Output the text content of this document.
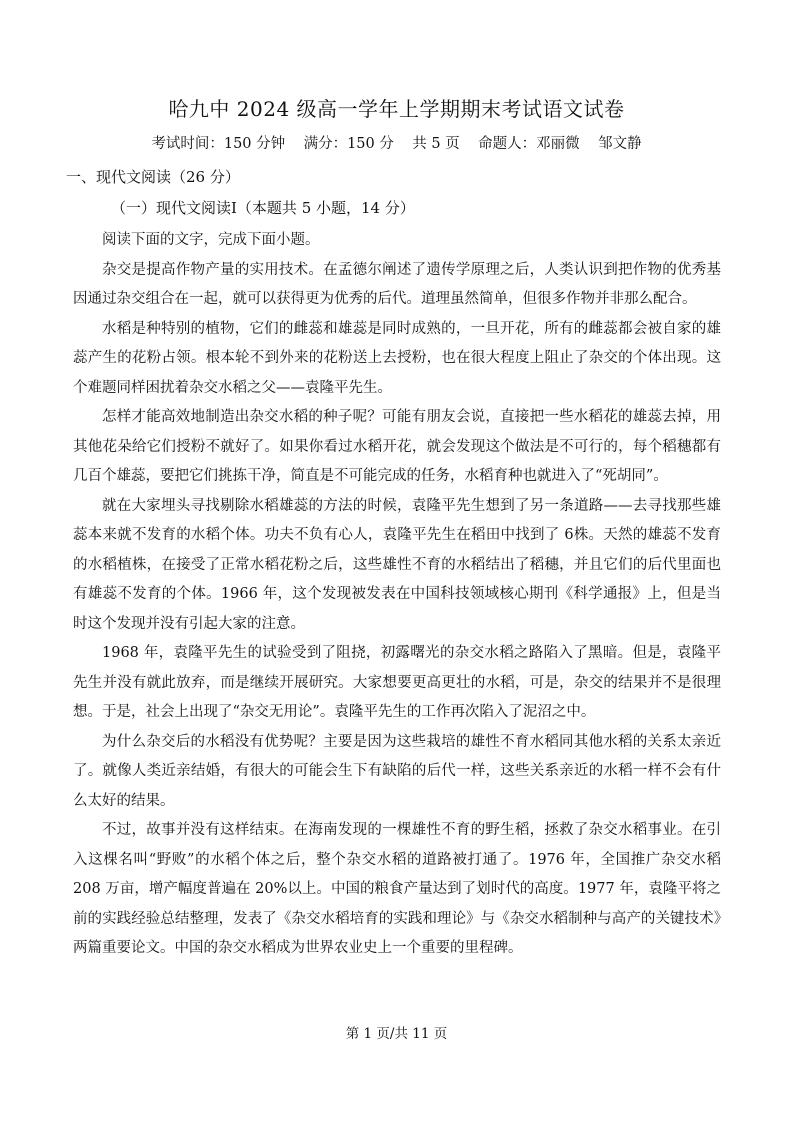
哈九中 2024 级高一学年上学期期末考试语文试卷
考试时间：150 分钟    满分：150 分    共 5 页    命题人：邓丽微    邹文静
一、现代文阅读（26 分）
（一）现代文阅读Ⅰ（本题共 5 小题，14 分）

阅读下面的文字，完成下面小题。

杂交是提高作物产量的实用技术。在孟德尔阐述了遗传学原理之后，人类认识到把作物的优秀基因通过杂交组合在一起，就可以获得更为优秀的后代。道理虽然简单，但很多作物并非那么配合。

水稻是种特别的植物，它们的雌蕊和雄蕊是同时成熟的，一旦开花，所有的雌蕊都会被自家的雄蕊产生的花粉占领。根本轮不到外来的花粉送上去授粉，也在很大程度上阻止了杂交的个体出现。这个难题同样困扰着杂交水稻之父——袁隆平先生。

怎样才能高效地制造出杂交水稻的种子呢？可能有朋友会说，直接把一些水稻花的雄蕊去掉，用其他花朵给它们授粉不就好了。如果你看过水稻开花，就会发现这个做法是不可行的，每个稻穗都有几百个雄蕊，要把它们挑拣干净，简直是不可能完成的任务，水稻育种也就进入了“死胡同”。

就在大家埋头寻找剔除水稻雄蕊的方法的时候，袁隆平先生想到了另一条道路——去寻找那些雄蕊本来就不发育的水稻个体。功夫不负有心人，袁隆平先生在稻田中找到了 6株。天然的雄蕊不发育的水稻植株，在接受了正常水稻花粉之后，这些雄性不育的水稻结出了稻穗，并且它们的后代里面也有雄蕊不发育的个体。1966 年，这个发现被发表在中国科技领域核心期刊《科学通报》上，但是当时这个发现并没有引起大家的注意。

1968 年，袁隆平先生的试验受到了阻挠，初露曙光的杂交水稻之路陷入了黑暗。但是，袁隆平先生并没有就此放弃，而是继续开展研究。大家想要更高更壮的水稻，可是，杂交的结果并不是很理想。于是，社会上出现了“杂交无用论”。袁隆平先生的工作再次陷入了泥沼之中。

为什么杂交后的水稻没有优势呢？主要是因为这些栽培的雄性不育水稻同其他水稻的关系太亲近了。就像人类近亲结婚，有很大的可能会生下有缺陷的后代一样，这些关系亲近的水稻一样不会有什么太好的结果。

不过，故事并没有这样结束。在海南发现的一棵雄性不育的野生稻，拯救了杂交水稻事业。在引入这棵名叫“野败”的水稻个体之后，整个杂交水稻的道路被打通了。1976 年，全国推广杂交水稻 208 万亩，增产幅度普遍在 20%以上。中国的粮食产量达到了划时代的高度。1977 年，袁隆平将之前的实践经验总结整理，发表了《杂交水稻培育的实践和理论》与《杂交水稻制种与高产的关键技术》两篇重要论文。中国的杂交水稻成为世界农业史上一个重要的里程碑。

第 1 页/共 11 页
